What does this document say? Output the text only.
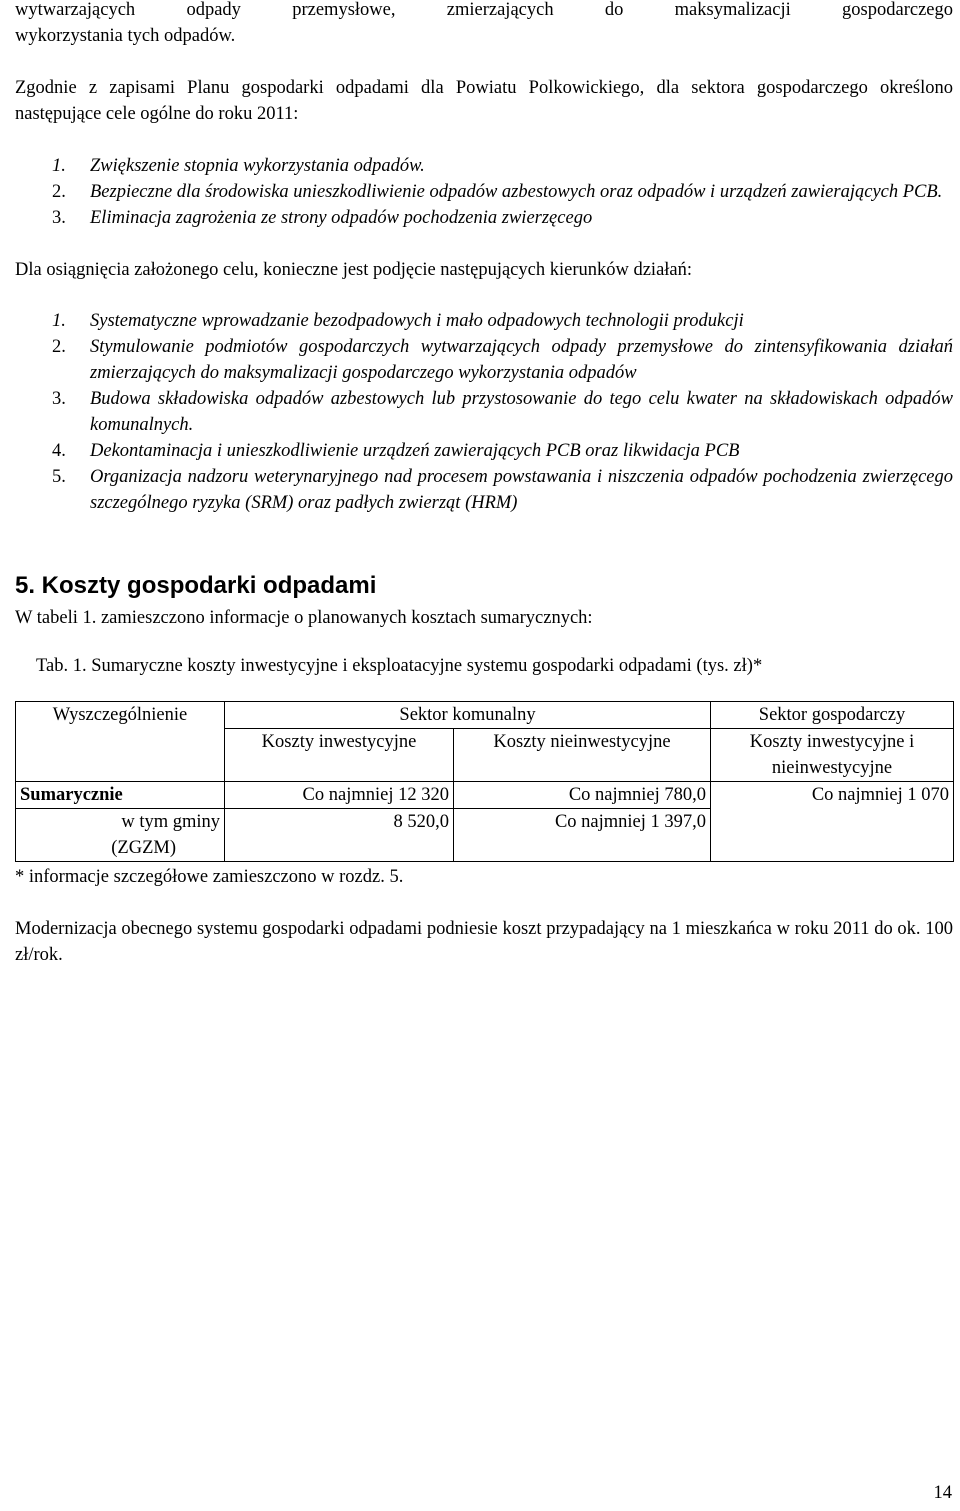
wytwarzających odpady przemysłowe, zmierzających do maksymalizacji gospodarczego

wykorzystania tych odpadów.

Zgodnie z zapisami Planu gospodarki odpadami dla Powiatu Polkowickiego, dla sektora gospodarczego określono następujące cele ogólne do roku 2011:

1. Zwiększenie stopnia wykorzystania odpadów.
2. Bezpieczne dla środowiska unieszkodliwienie odpadów azbestowych oraz odpadów i urządzeń zawierających PCB.
3. Eliminacja zagrożenia ze strony odpadów pochodzenia zwierzęcego

Dla osiągnięcia założonego celu, konieczne jest podjęcie następujących kierunków działań:

1. Systematyczne wprowadzanie bezodpadowych i mało odpadowych technologii produkcji
2. Stymulowanie podmiotów gospodarczych wytwarzających odpady przemysłowe do zintensyfikowania działań zmierzających do maksymalizacji gospodarczego wykorzystania odpadów
3. Budowa składowiska odpadów azbestowych lub przystosowanie do tego celu kwater na składowiskach odpadów komunalnych.
4. Dekontaminacja i unieszkodliwienie urządzeń zawierających PCB oraz likwidacja PCB
5. Organizacja nadzoru weterynaryjnego nad procesem powstawania i niszczenia odpadów pochodzenia zwierzęcego szczególnego ryzyka (SRM) oraz padłych zwierząt (HRM)
5. Koszty gospodarki odpadami

W tabeli 1. zamieszczono informacje o planowanych kosztach sumarycznych:

Tab. 1. Sumaryczne koszty inwestycyjne i eksploatacyjne systemu gospodarki odpadami (tys. zł)*

Wyszczególnienie	Sektor komunalny		Sektor gospodarczy
	Koszty inwestycyjne	Koszty nieinwestycyjne	Koszty inwestycyjne i
nieinwestycyjne
Sumarycznie	Co najmniej 12 320	Co najmniej 780,0	Co najmniej 1 070
w tym gminy
(ZGZM)	8 520,0	Co najmniej 1 397,0	

* informacje szczegółowe zamieszczono w rozdz. 5.

Modernizacja obecnego systemu gospodarki odpadami podniesie koszt przypadający na 1 mieszkańca w roku 2011 do ok. 100 zł/rok.

14
